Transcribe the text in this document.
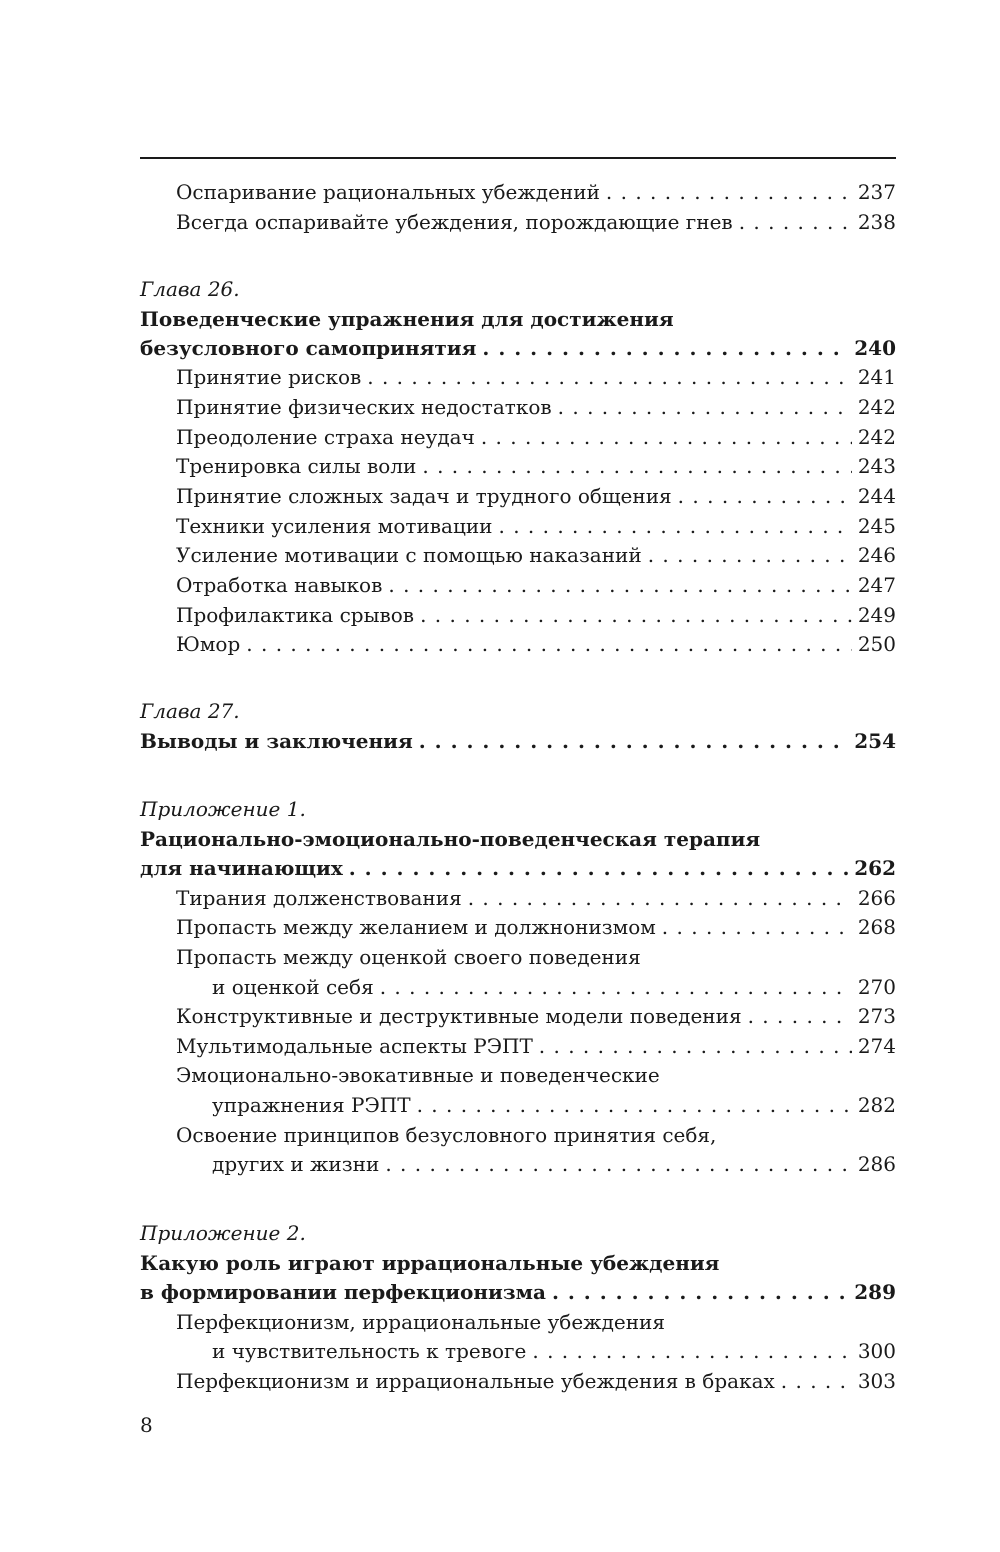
Оспаривание рациональных убеждений . . .	237
Всегда оспаривайте убеждения, порождающие гнев . . .	238
Глава 26.
Поведенческие упражнения для достижения
безусловного самопринятия . . .	240
Принятие рисков . . .	241
Принятие физических недостатков . . .	242
Преодоление страха неудач . . .	242
Тренировка силы воли . . .	243
Принятие сложных задач и трудного общения . . .	244
Техники усиления мотивации . . .	245
Усиление мотивации с помощью наказаний . . .	246
Отработка навыков . . .	247
Профилактика срывов . . .	249
Юмор . . .	250
Глава 27.
Выводы и заключения . . .	254
Приложение 1.
Рационально-эмоционально-поведенческая терапия
для начинающих . . .	262
Тирания долженствования . . .	266
Пропасть между желанием и должнонизмом . . .	268
Пропасть между оценкой своего поведения
и оценкой себя . . .	270
Конструктивные и деструктивные модели поведения . . .	273
Мультимодальные аспекты РЭПТ . . .	274
Эмоционально-эвокативные и поведенческие
упражнения РЭПТ . . .	282
Освоение принципов безусловного принятия себя,
других и жизни . . .	286
Приложение 2.
Какую роль играют иррациональные убеждения
в формировании перфекционизма . . .	289
Перфекционизм, иррациональные убеждения
и чувствительность к тревоге . . .	300
Перфекционизм и иррациональные убеждения в браках . . .	303
8
